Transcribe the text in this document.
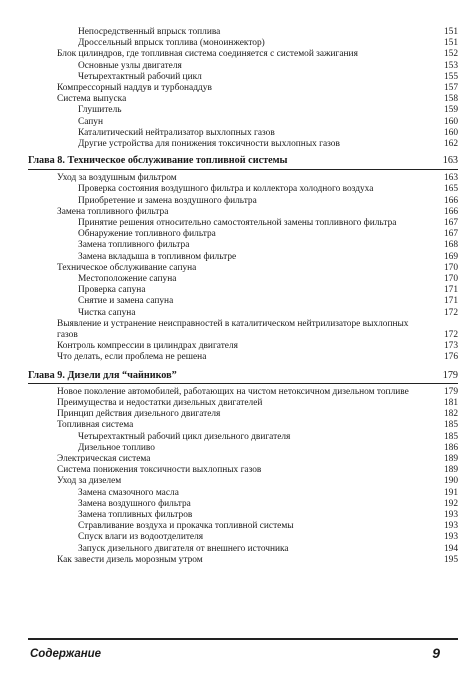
Непосредственный впрыск топлива	151
Дроссельный впрыск топлива (моноинжектор)	151
Блок цилиндров, где топливная система соединяется с системой зажигания	152
Основные узлы двигателя	153
Четырехтактный рабочий цикл	155
Компрессорный наддув и турбонаддув	157
Система выпуска	158
Глушитель	159
Сапун	160
Каталитический нейтрализатор выхлопных газов	160
Другие устройства для понижения токсичности выхлопных газов	162
Глава 8. Техническое обслуживание топливной системы	163
Уход за воздушным фильтром	163
Проверка состояния воздушного фильтра и коллектора холодного воздуха	165
Приобретение и замена воздушного фильтра	166
Замена топливного фильтра	166
Принятие решения относительно самостоятельной замены топливного фильтра	167
Обнаружение топливного фильтра	167
Замена топливного фильтра	168
Замена вкладыша в топливном фильтре	169
Техническое обслуживание сапуна	170
Местоположение сапуна	170
Проверка сапуна	171
Снятие и замена сапуна	171
Чистка сапуна	172
Выявление и устранение неисправностей в каталитическом нейтрилизаторе выхлопных газов	172
Контроль компрессии в цилиндрах двигателя	173
Что делать, если проблема не решена	176
Глава 9. Дизели для “чайников”	179
Новое поколение автомобилей, работающих на чистом нетоксичном дизельном топливе	179
Преимущества и недостатки дизельных двигателей	181
Принцип действия дизельного двигателя	182
Топливная система	185
Четырехтактный рабочий цикл дизельного двигателя	185
Дизельное топливо	186
Электрическая система	189
Система понижения токсичности выхлопных газов	189
Уход за дизелем	190
Замена смазочного масла	191
Замена воздушного фильтра	192
Замена топливных фильтров	193
Стравливание воздуха и прокачка топливной системы	193
Спуск влаги из водоотделителя	193
Запуск дизельного двигателя от внешнего источника	194
Как завести дизель морозным утром	195
Содержание	9
